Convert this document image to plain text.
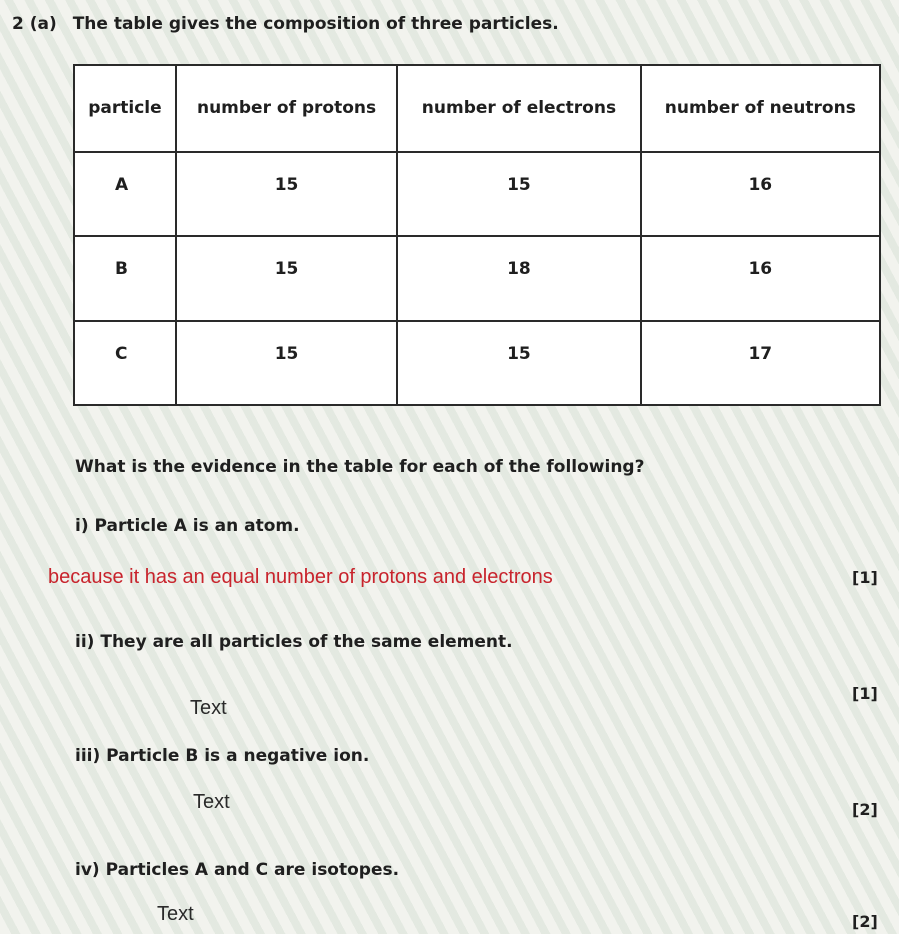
2 (a) The table gives the composition of three particles.
particle	number of protons	number of electrons	number of neutrons
A	15	15	16
B	15	18	16
C	15	15	17
What is the evidence in the table for each of the following?
i) Particle A is an atom.
because it has an equal number of protons and electrons	[1]
ii) They are all particles of the same element.
Text
[1]
iii) Particle B is a negative ion.
Text	[2]
iv) Particles A and C are isotopes.
Text	[2]
